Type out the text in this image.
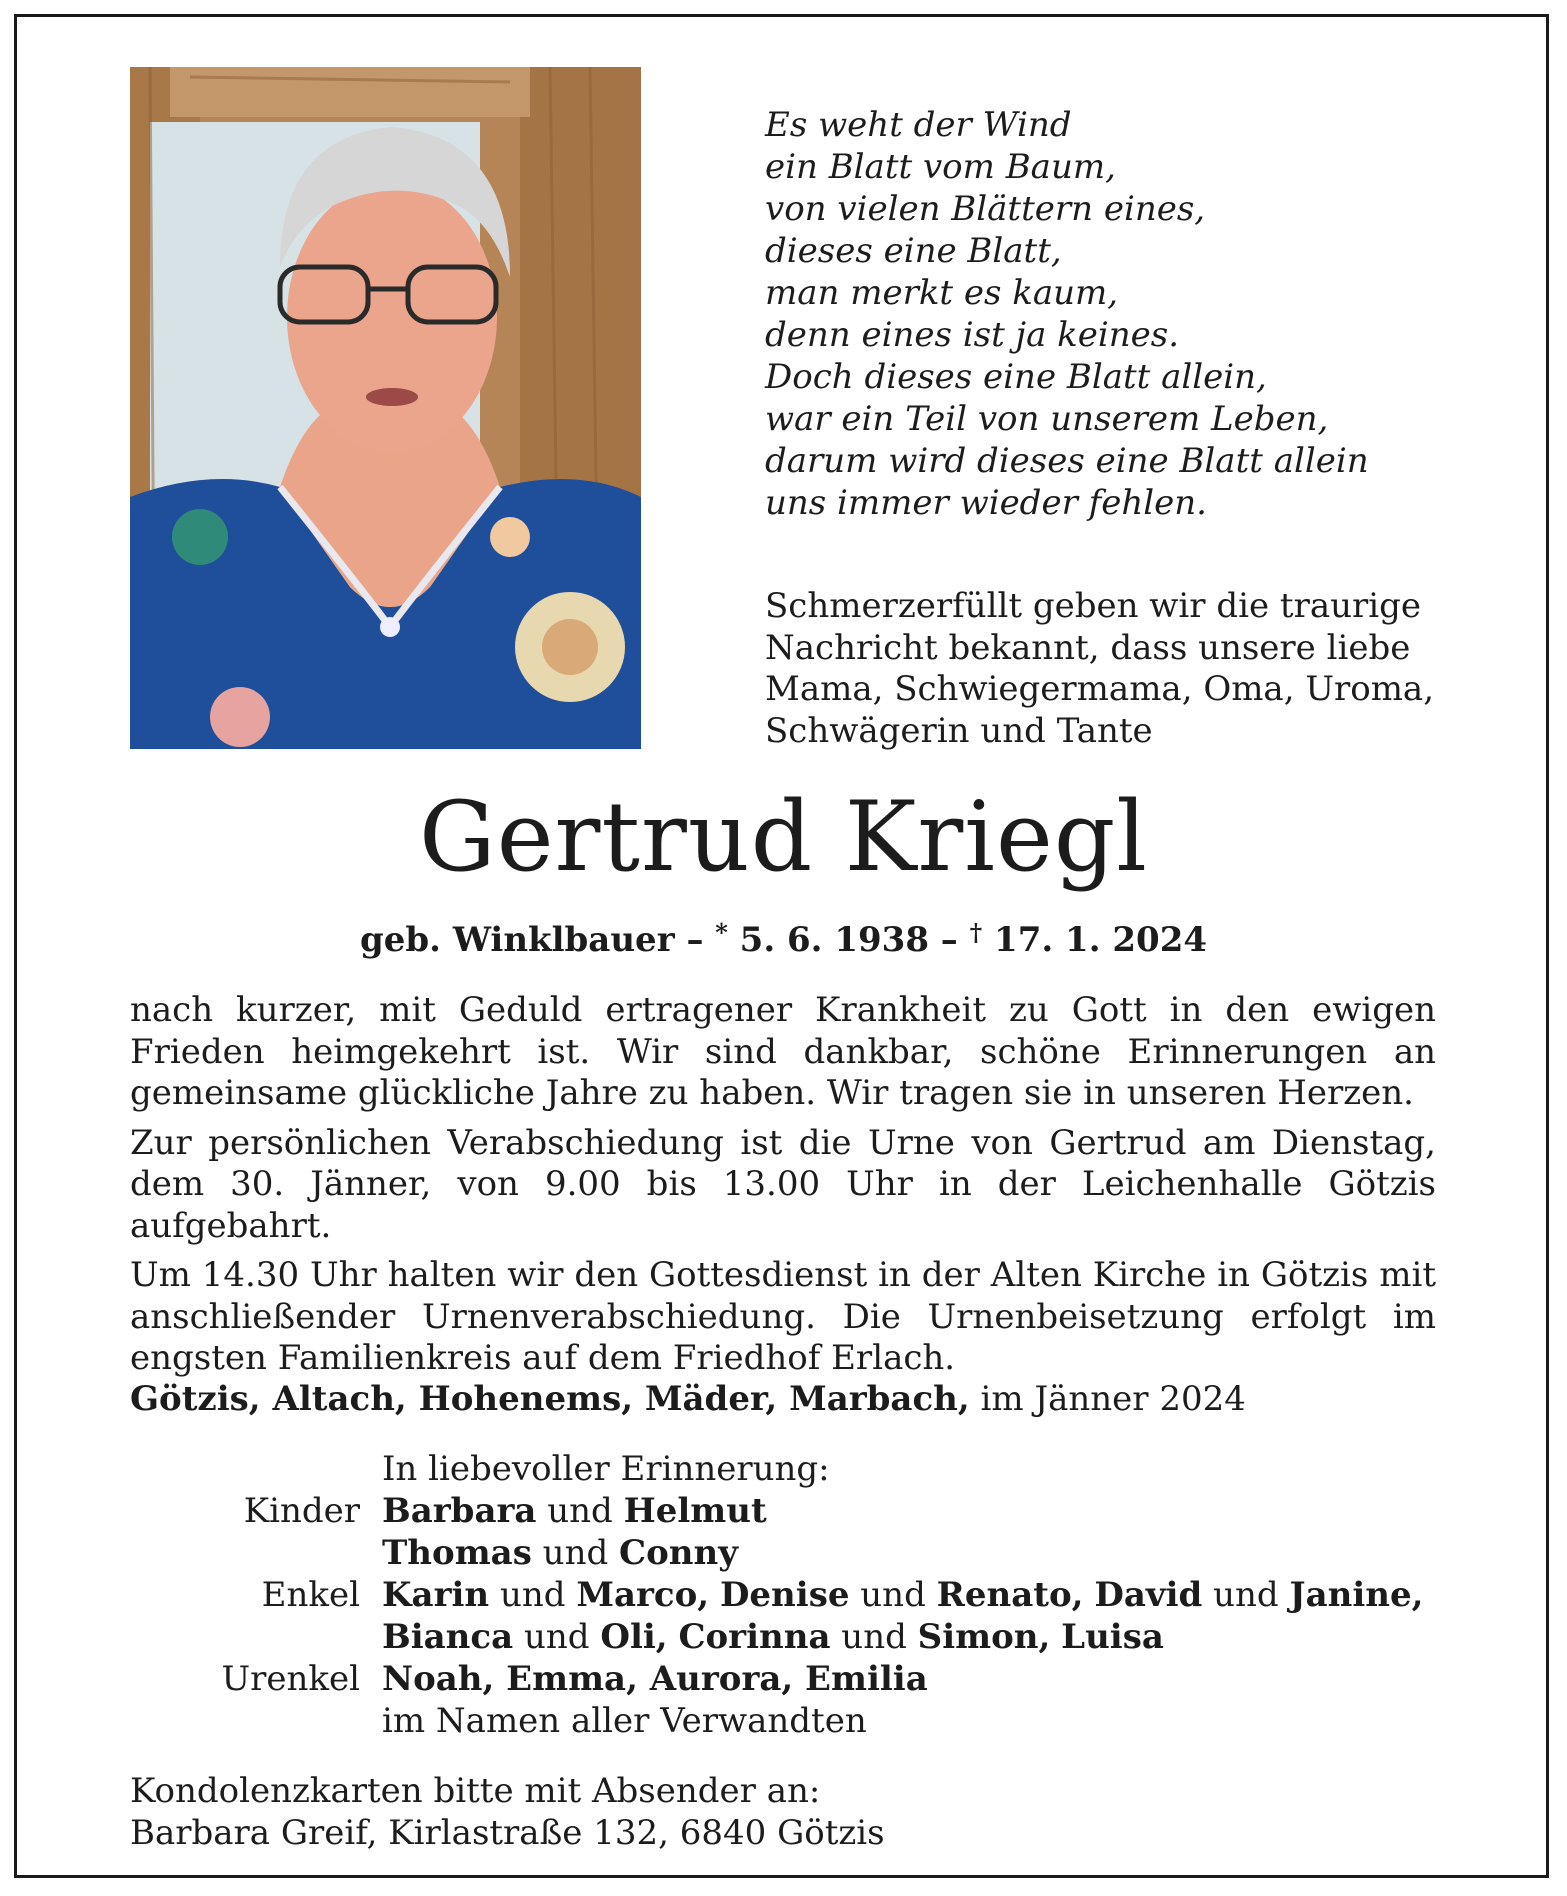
Es weht der Wind
ein Blatt vom Baum,
von vielen Blättern eines,
dieses eine Blatt,
man merkt es kaum,
denn eines ist ja keines.
Doch dieses eine Blatt allein,
war ein Teil von unserem Leben,
darum wird dieses eine Blatt allein
uns immer wieder fehlen.

Schmerzerfüllt geben wir die traurige

Nachricht bekannt, dass unsere liebe

Mama, Schwiegermama, Oma, Uroma,

Schwägerin und Tante

Gertrud Kriegl
geb. Winklbauer – * 5. 6. 1938 – † 17. 1. 2024

nach kurzer, mit Geduld ertragener Krankheit zu Gott in den ewigen Frieden heimgekehrt ist. Wir sind dankbar, schöne Erinnerungen an gemeinsame glückliche Jahre zu haben. Wir tragen sie in unseren Herzen.

Zur persönlichen Verabschiedung ist die Urne von Gertrud am Dienstag, dem 30. Jänner, von 9.00 bis 13.00 Uhr in der Leichenhalle Götzis aufgebahrt.

Um 14.30 Uhr halten wir den Gottesdienst in der Alten Kirche in Götzis mit anschließender Urnenverabschiedung. Die Urnenbeisetzung erfolgt im engsten Familienkreis auf dem Friedhof Erlach.

Götzis, Altach, Hohenems, Mäder, Marbach, im Jänner 2024
In liebevoller Erinnerung:
Kinder Barbara und Helmut
Thomas und Conny
Enkel Karin und Marco, Denise und Renato, David und Janine,
Bianca und Oli, Corinna und Simon, Luisa
Urenkel Noah, Emma, Aurora, Emilia
im Namen aller Verwandten
Kondolenzkarten bitte mit Absender an:
Barbara Greif, Kirlastraße 132, 6840 Götzis
